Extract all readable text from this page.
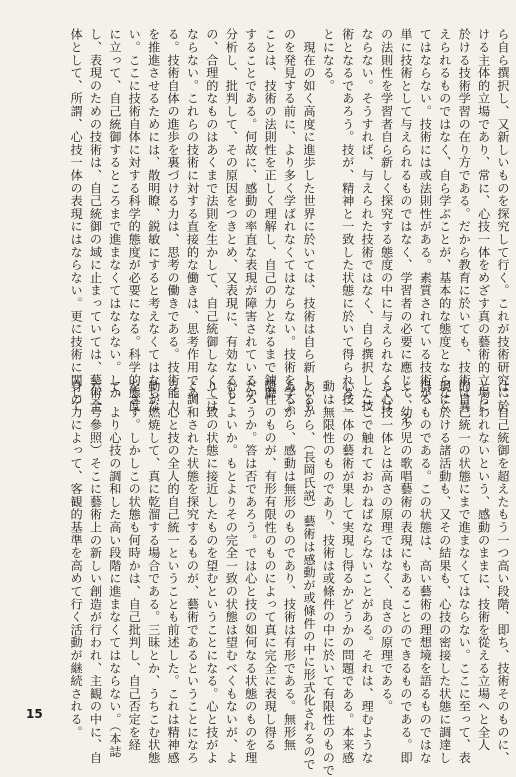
ら自ら撰択し、又新しいものを探究して行く。これが技術研究に於
ける主体的立場であり、常に、心技一体をめざす真の藝術的立場に
於ける技術学習の在り方である。だから教育に於いても、技術は異
えられるものではなく、自ら学ぶことが、基本的な態度とならなく
てはならない。技術には或法則性がある。素質されている技術が、
単に技術として与えられるものではなく、学習者の必要に應じて、そ
の法則性を学習者自ら新しく探究する態度の中に与えられなくては
ならない。そうすれば、与えられた技術ではなく、自ら撰択した技
術となるであろう。技が、精神と一致した状態に於いて得られるこ
とになる。
　現在の如く高度に進歩した世界に於いては、技術は自ら新しいも
のを発見する前に、より多く学ばれなくてはならない。技術を学ぶ
ことは、技術の法則性を正しく理解し、自己の力となるまで錬磨
することである。何故に、感動の率直な表現が障害されているか、
分析し、批判して、その原因をつきとめ、又表現に、有効なるも
の、合理的なものはあくまで法則を生かして、自己統御しなくては
ならない。これらの技術に対する直接的な働きは、思考作用であ
る。技術自体の進歩を裏づける力は、思考の働きである。技術能力
を推進させるためには、散明瞭、鋭敏にすると考えなくてはならな
い。ここに技術自体に対する科学的態度が必要になる。科学的態度
に立って、自己統御するところまで進まなくてはならない。しか
し、表現のための技術は、自己統御の域に止まっていては、藝術全
体として、所謂、心技一体の表現にはならない。更に技術に関して
は、自己統御を超えたもう一つ高い段階、即ち、技術そのものに、
とらわれないという、感動のままに、技術を從える立場へと全人
的自己統一の状態にまで進まなくてはならない。ここに至って、表
現に於ける諸活動も、又その結果も、心技の密接した状態に調達し
得るものである。この状態は、高い藝術の理想境を語るものではな
く、幼少児の歌唱藝術の表現にもあることのできるものである。即
ち心技一体とは高さの原理ではなく、良さの原理である。
　ここで触れておかねばならないことがある。それは、理むような
心技一体の藝術が果して実現し得るかどうかの問題である。本来感
動は無限性のものであり、技術は或條件の中に於いて有限性のもので
あるから、（長岡氏説）藝術は感動が或條件の中に形式化されるので
あるから、感動は無形のものであり、技術は有形である。無形無
限性のものが、有形有限性のものによって真に完全に表現し得る
だろうか。答は否であろう。では心と技の如何なる状態のものを理
むとよいか。もとよりその完全一致の状態は望むべくもないが、よ
り一致の状態に接近したものを望むということになる。心と技がよ
く調和された状態を探究するものが、藝術であるということになろ
う。心と技の全人的自己統一ということも前述した。これは精神感
動が燃焼して、真に乾溜する場合である。三昧とか、うちこむ状態
をさす。しかしこの状態も何時かは、自己批判し、自己否定を経
て、より心技の調和した高い段階に進まなくてはならない。（本誌
六三号參照）そこに藝術上の新しい創造が行われ、主観の中に、自
身の力によって、客観的基準を高めて行く活動が継続される。
15
